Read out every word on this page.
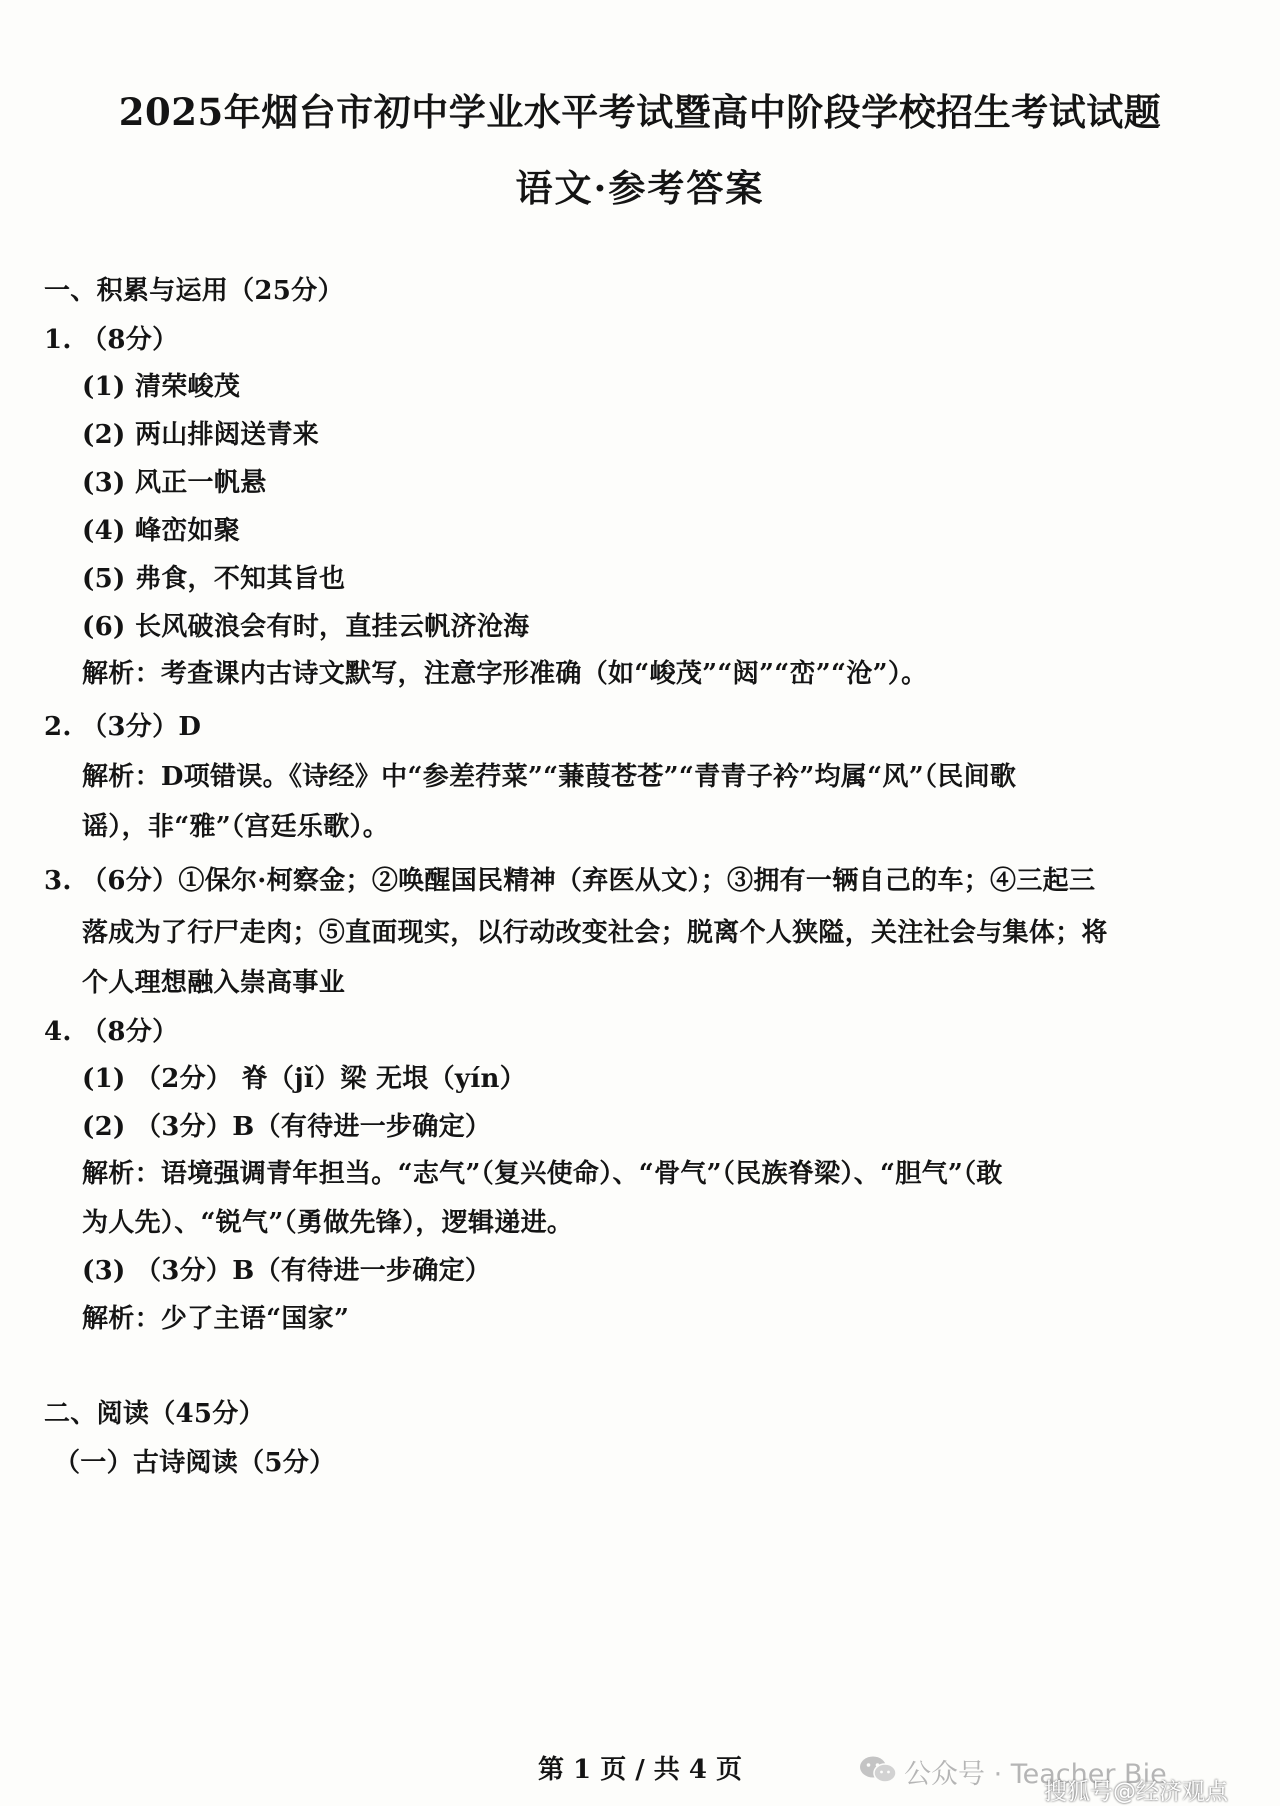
2025年烟台市初中学业水平考试暨高中阶段学校招生考试试题
语文·参考答案
一、积累与运用（25分）
1. （8分）
(1) 清荣峻茂
(2) 两山排闼送青来
(3) 风正一帆悬
(4) 峰峦如聚
(5) 弗食，不知其旨也
(6) 长风破浪会有时，直挂云帆济沧海
解析：考查课内古诗文默写，注意字形准确（如“峻茂”“闼”“峦”“沧”）。
2. （3分）D
解析：D项错误。《诗经》中“参差荇菜”“蒹葭苍苍”“青青子衿”均属“风”（民间歌
谣），非“雅”（宫廷乐歌）。
3. （6分）①保尔·柯察金；②唤醒国民精神（弃医从文）；③拥有一辆自己的车；④三起三
落成为了行尸走肉；⑤直面现实，以行动改变社会；脱离个人狭隘，关注社会与集体；将
个人理想融入崇高事业
4. （8分）
(1) （2分） 脊（jǐ）梁 无垠（yín）
(2) （3分）B（有待进一步确定）
解析：语境强调青年担当。“志气”（复兴使命）、“骨气”（民族脊梁）、“胆气”（敢
为人先）、“锐气”（勇做先锋），逻辑递进。
(3) （3分）B（有待进一步确定）
解析：少了主语“国家”
二、阅读（45分）
（一）古诗阅读（5分）
第 1 页 / 共 4 页	公众号 · Teacher Bie
搜狐号@经济观点
